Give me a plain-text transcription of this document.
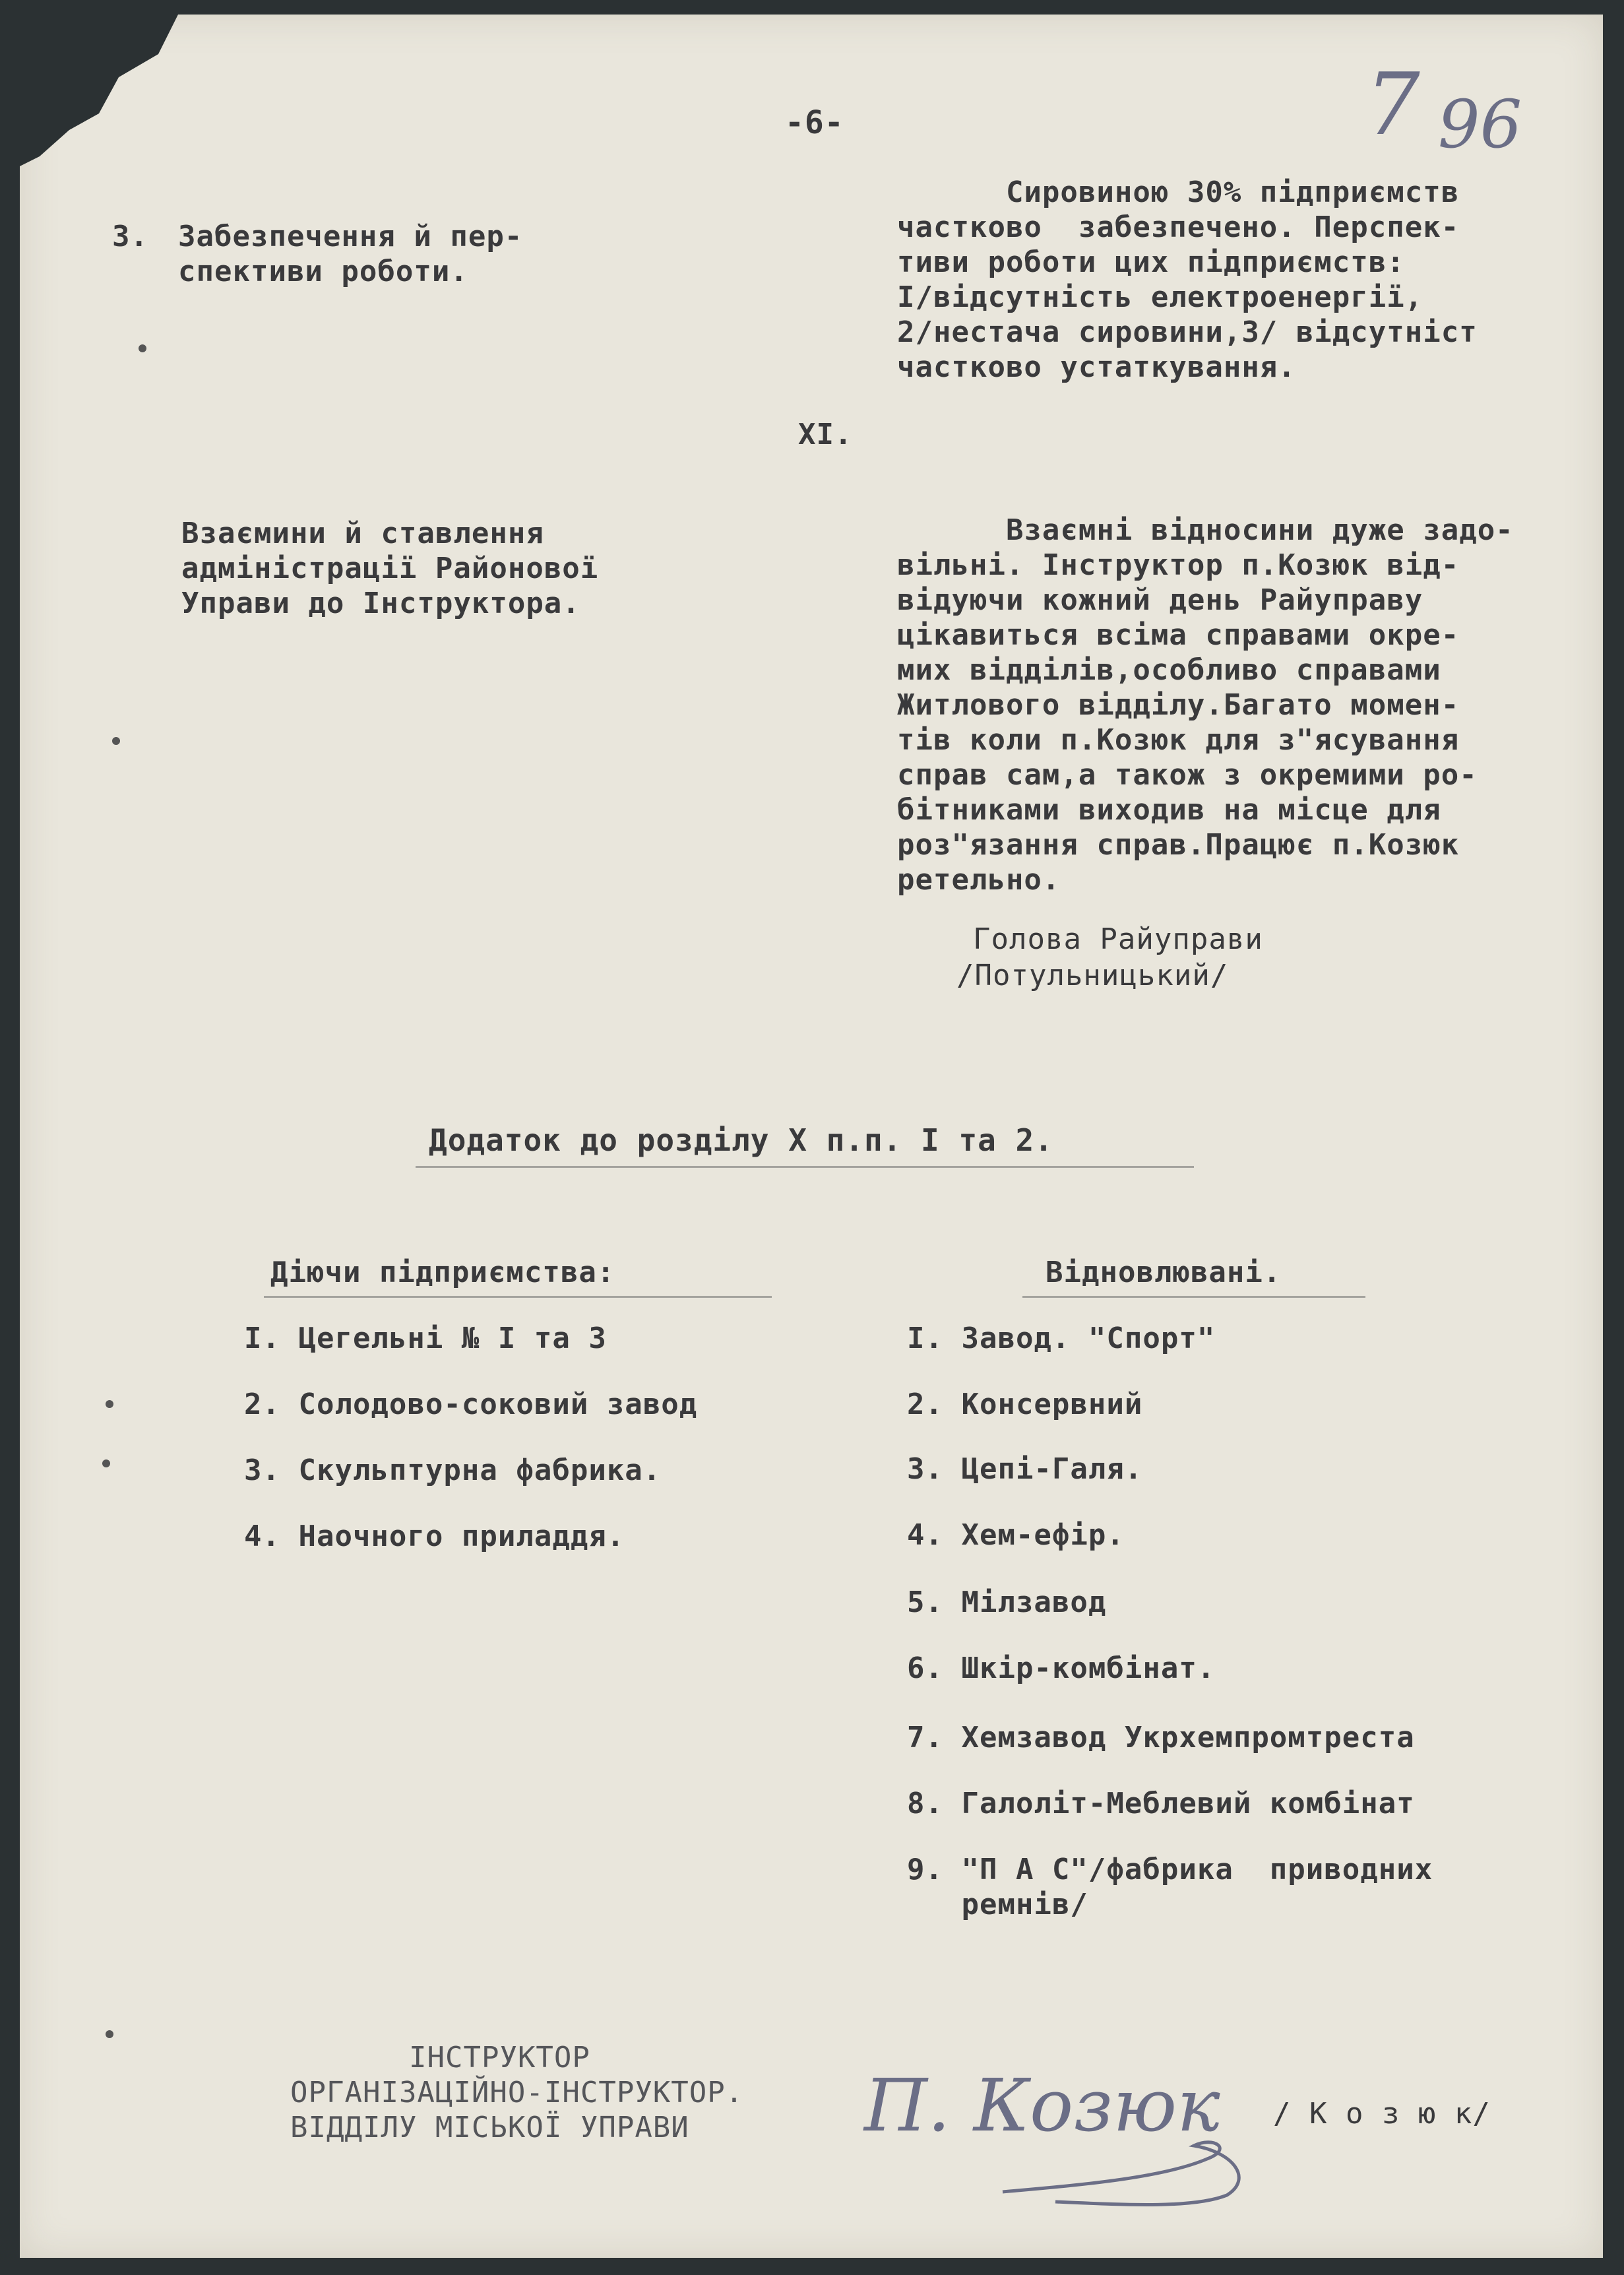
-6-	7 96
3. Забезпечення й пер-
спективи роботи.
Сировиною 30% підприємств
частково  забезпечено. Перспек-
тиви роботи цих підприємств:
I/відсутність електроенергії,
2/нестача сировини,3/ відсутніст
частково устаткування.
XI.
Взаємини й ставлення
адміністрації Районової
Управи до Інструктора.
Взаємні відносини дуже задо-
вільні. Інструктор п.Козюк від-
відуючи кожний день Райуправу
цікавиться всіма справами окре-
мих відділів,особливо справами
Житлового відділу.Багато момен-
тів коли п.Козюк для з"ясування
справ сам,а також з окремими ро-
бітниками виходив на місце для
роз"язання справ.Працює п.Козюк
ретельно.
Голова Райуправи
/Потульницький/
Додаток до розділу X п.п. I та 2.
Діючи підприємства:
I. Цегельні № I та 3
2. Солодово-соковий завод
3. Скульптурна фабрика.
4. Наочного приладдя.
Відновлювані.
I. Завод. "Спорт"
2. Консервний
3. Цепі-Галя.
4. Хем-ефір.
5. Мілзавод
6. Шкір-комбінат.
7. Хемзавод Укрхемпромтреста
8. Галоліт-Меблевий комбінат
9. "П А С"/фабрика  приводних
ремнів/
ІНСТРУКТОР
ОРГАНІЗАЦІЙНО-ІНСТРУКТОР.
ВІДДІЛУ МІСЬКОЇ УПРАВИ П. Козюк / К о з ю к/
